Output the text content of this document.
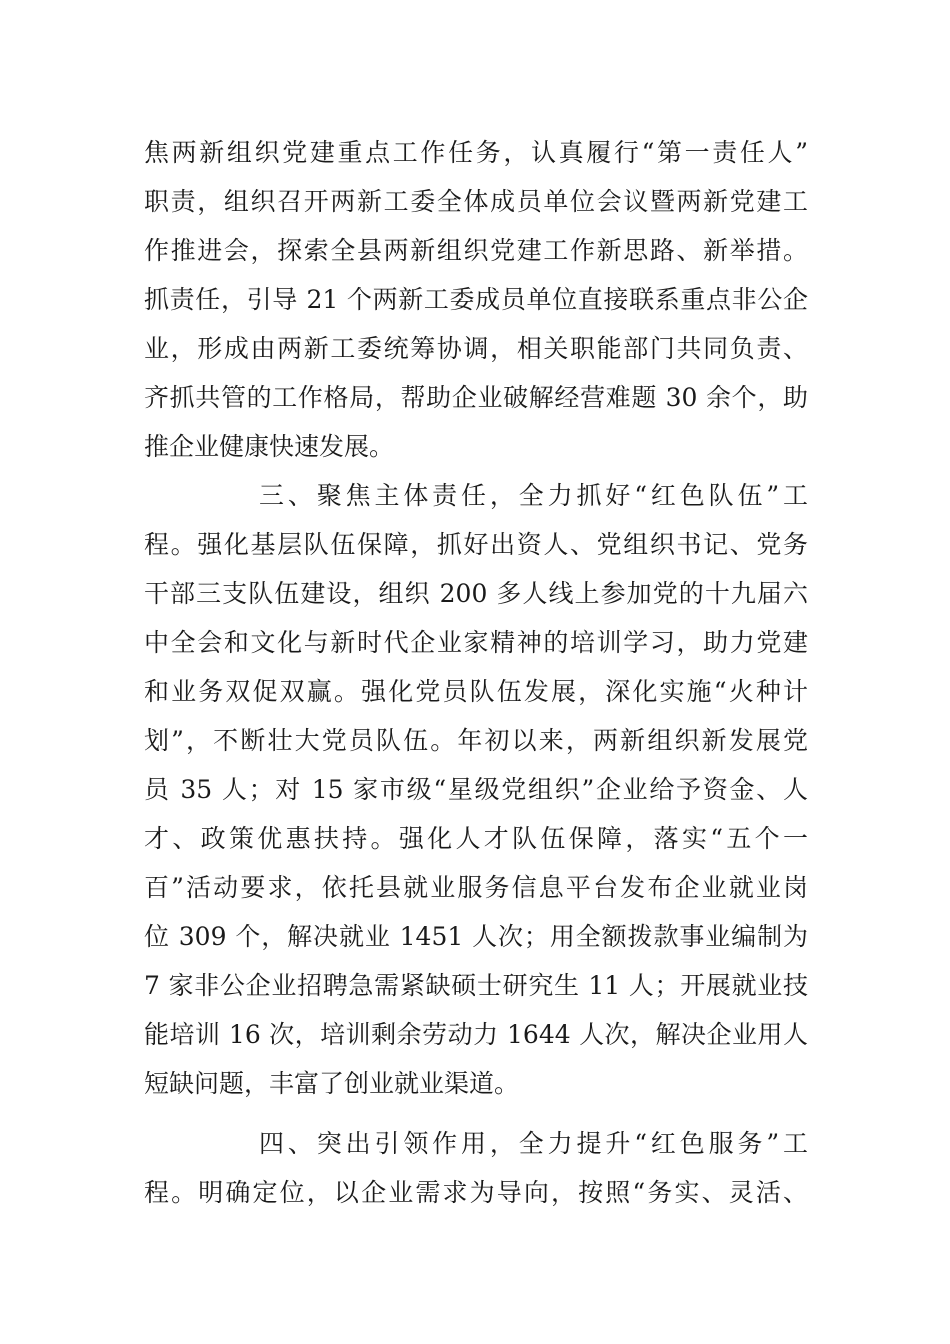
焦两新组织党建重点工作任务，认真履行“第一责任人”
职责，组织召开两新工委全体成员单位会议暨两新党建工
作推进会，探索全县两新组织党建工作新思路、新举措。
抓责任，引导 21 个两新工委成员单位直接联系重点非公企
业，形成由两新工委统筹协调，相关职能部门共同负责、
齐抓共管的工作格局，帮助企业破解经营难题 30 余个，助
推企业健康快速发展。
三、聚焦主体责任，全力抓好“红色队伍”工
程。强化基层队伍保障，抓好出资人、党组织书记、党务
干部三支队伍建设，组织 200 多人线上参加党的十九届六
中全会和文化与新时代企业家精神的培训学习，助力党建
和业务双促双赢。强化党员队伍发展，深化实施“火种计
划”，不断壮大党员队伍。年初以来，两新组织新发展党
员 35 人；对 15 家市级“星级党组织”企业给予资金、人
才、政策优惠扶持。强化人才队伍保障，落实“五个一
百”活动要求，依托县就业服务信息平台发布企业就业岗
位 309 个，解决就业 1451 人次；用全额拨款事业编制为
7 家非公企业招聘急需紧缺硕士研究生 11 人；开展就业技
能培训 16 次，培训剩余劳动力 1644 人次，解决企业用人
短缺问题，丰富了创业就业渠道。
四、突出引领作用，全力提升“红色服务”工
程。明确定位，以企业需求为导向，按照“务实、灵活、
